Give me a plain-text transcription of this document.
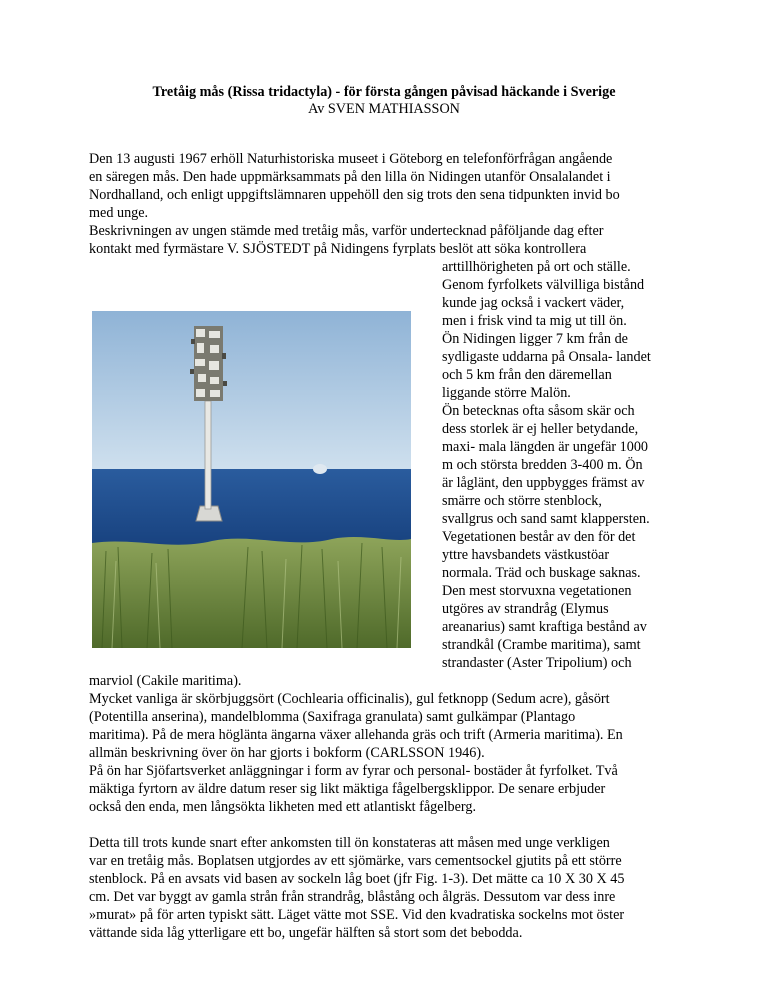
Tretåig mås (Rissa tridactyla) - för första gången påvisad häckande i Sverige
Av SVEN MATHIASSON
Den 13 augusti 1967 erhöll Naturhistoriska museet i Göteborg en telefonförfrågan angående
en säregen mås. Den hade uppmärksammats på den lilla ön Nidingen utanför Onsalalandet i
Nordhalland, och enligt uppgiftslämnaren uppehöll den sig trots den sena tidpunkten invid bo
med unge.
Beskrivningen av ungen stämde med tretåig mås, varför undertecknad påföljande dag efter
kontakt med fyrmästare V. SJÖSTEDT på Nidingens fyrplats beslöt att söka kontrollera
arttillhörigheten på ort och ställe.
Genom fyrfolkets välvilliga bistånd
kunde jag också i vackert väder,
men i frisk vind ta mig ut till ön.
Ön Nidingen ligger 7 km från de
sydligaste uddarna på Onsala- landet
och 5 km från den däremellan
liggande större Malön.
Ön betecknas ofta såsom skär och
dess storlek är ej heller betydande,
maxi- mala längden är ungefär 1000
m och största bredden 3-400 m. Ön
är låglänt, den uppbygges främst av
smärre och större stenblock,
svallgrus och sand samt klappersten.
Vegetationen består av den för det
yttre havsbandets västkustöar
normala. Träd och buskage saknas.
Den mest storvuxna vegetationen
utgöres av strandråg (Elymus
areanarius) samt kraftiga bestånd av
strandkål (Crambe maritima), samt
strandaster (Aster Tripolium) och
marviol (Cakile maritima).
Mycket vanliga är skörbjuggsört (Cochlearia officinalis), gul fetknopp (Sedum acre), gåsört
(Potentilla anserina), mandelblomma (Saxifraga granulata) samt gulkämpar (Plantago
maritima). På de mera höglänta ängarna växer allehanda gräs och trift (Armeria maritima). En
allmän beskrivning över ön har gjorts i bokform (CARLSSON 1946).
På ön har Sjöfartsverket anläggningar i form av fyrar och personal- bostäder åt fyrfolket. Två
mäktiga fyrtorn av äldre datum reser sig likt mäktiga fågelbergsklippor. De senare erbjuder
också den enda, men långsökta likheten med ett atlantiskt fågelberg.
Detta till trots kunde snart efter ankomsten till ön konstateras att måsen med unge verkligen
var en tretåig mås. Boplatsen utgjordes av ett sjömärke, vars cementsockel gjutits på ett större
stenblock. På en avsats vid basen av sockeln låg boet (jfr Fig. 1-3). Det mätte ca 10 X 30 X 45
cm. Det var byggt av gamla strån från strandråg, blåstång och ålgräs. Dessutom var dess inre
»murat» på för arten typiskt sätt. Läget vätte mot SSE. Vid den kvadratiska sockelns mot öster
vättande sida låg ytterligare ett bo, ungefär hälften så stort som det bebodda.
